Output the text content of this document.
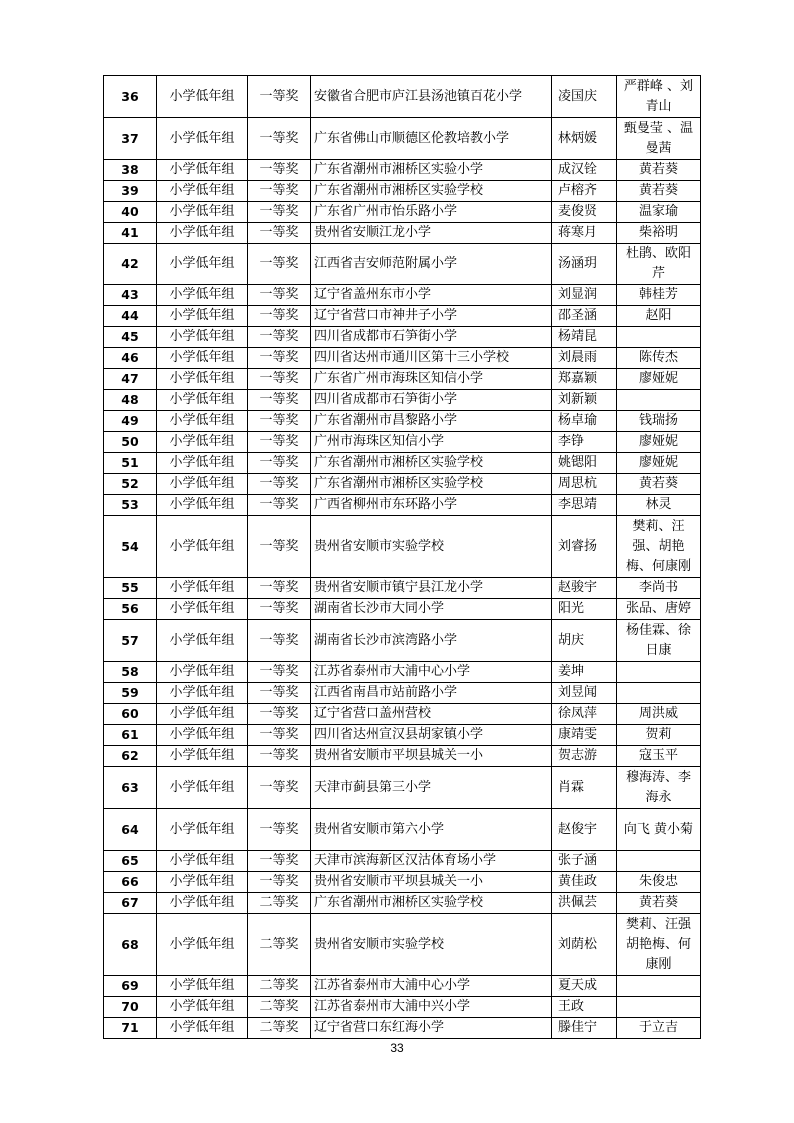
36	小学低年组	一等奖	安徽省合肥市庐江县汤池镇百花小学	凌国庆	严群峰 、刘青山
37	小学低年组	一等奖	广东省佛山市顺德区伦教培教小学	林炳媛	甄曼莹 、温曼茜
38	小学低年组	一等奖	广东省潮州市湘桥区实验小学	成汉铨	黄若葵
39	小学低年组	一等奖	广东省潮州市湘桥区实验学校	卢榕齐	黄若葵
40	小学低年组	一等奖	广东省广州市怡乐路小学	麦俊贤	温家瑜
41	小学低年组	一等奖	贵州省安顺江龙小学	蒋寒月	柴裕明
42	小学低年组	一等奖	江西省吉安师范附属小学	汤涵玥	杜鹃、欧阳芹
43	小学低年组	一等奖	辽宁省盖州东市小学	刘显润	韩桂芳
44	小学低年组	一等奖	辽宁省营口市神井子小学	邵圣涵	赵阳
45	小学低年组	一等奖	四川省成都市石笋街小学	杨靖昆	
46	小学低年组	一等奖	四川省达州市通川区第十三小学校	刘晨雨	陈传杰
47	小学低年组	一等奖	广东省广州市海珠区知信小学	郑嘉颖	廖娅妮
48	小学低年组	一等奖	四川省成都市石笋街小学	刘新颖	
49	小学低年组	一等奖	广东省潮州市昌黎路小学	杨卓瑜	钱瑞扬
50	小学低年组	一等奖	广州市海珠区知信小学	李铮	廖娅妮
51	小学低年组	一等奖	广东省潮州市湘桥区实验学校	姚锶阳	廖娅妮
52	小学低年组	一等奖	广东省潮州市湘桥区实验学校	周思杭	黄若葵
53	小学低年组	一等奖	广西省柳州市东环路小学	李思靖	林灵
54	小学低年组	一等奖	贵州省安顺市实验学校	刘睿扬	樊莉、汪强、胡艳梅、何康刚
55	小学低年组	一等奖	贵州省安顺市镇宁县江龙小学	赵骏宇	李尚书
56	小学低年组	一等奖	湖南省长沙市大同小学	阳光	张品、唐婷
57	小学低年组	一等奖	湖南省长沙市滨湾路小学	胡庆	杨佳霖、徐日康
58	小学低年组	一等奖	江苏省泰州市大浦中心小学	姜坤	
59	小学低年组	一等奖	江西省南昌市站前路小学	刘昱闻	
60	小学低年组	一等奖	辽宁省营口盖州营校	徐凤萍	周洪威
61	小学低年组	一等奖	四川省达州宣汉县胡家镇小学	康靖雯	贺莉
62	小学低年组	一等奖	贵州省安顺市平坝县城关一小	贺志游	寇玉平
63	小学低年组	一等奖	天津市蓟县第三小学	肖霖	穆海涛、李海永
64	小学低年组	一等奖	贵州省安顺市第六小学	赵俊宇	向飞 黄小菊
65	小学低年组	一等奖	天津市滨海新区汉沽体育场小学	张子涵	
66	小学低年组	一等奖	贵州省安顺市平坝县城关一小	黄佳政	朱俊忠
67	小学低年组	二等奖	广东省潮州市湘桥区实验学校	洪佩芸	黄若葵
68	小学低年组	二等奖	贵州省安顺市实验学校	刘荫松	樊莉、汪强 胡艳梅、何康刚
69	小学低年组	二等奖	江苏省泰州市大浦中心小学	夏天成	
70	小学低年组	二等奖	江苏省泰州市大浦中兴小学	王政	
71	小学低年组	二等奖	辽宁省营口东红海小学	滕佳宁	于立吉
33
